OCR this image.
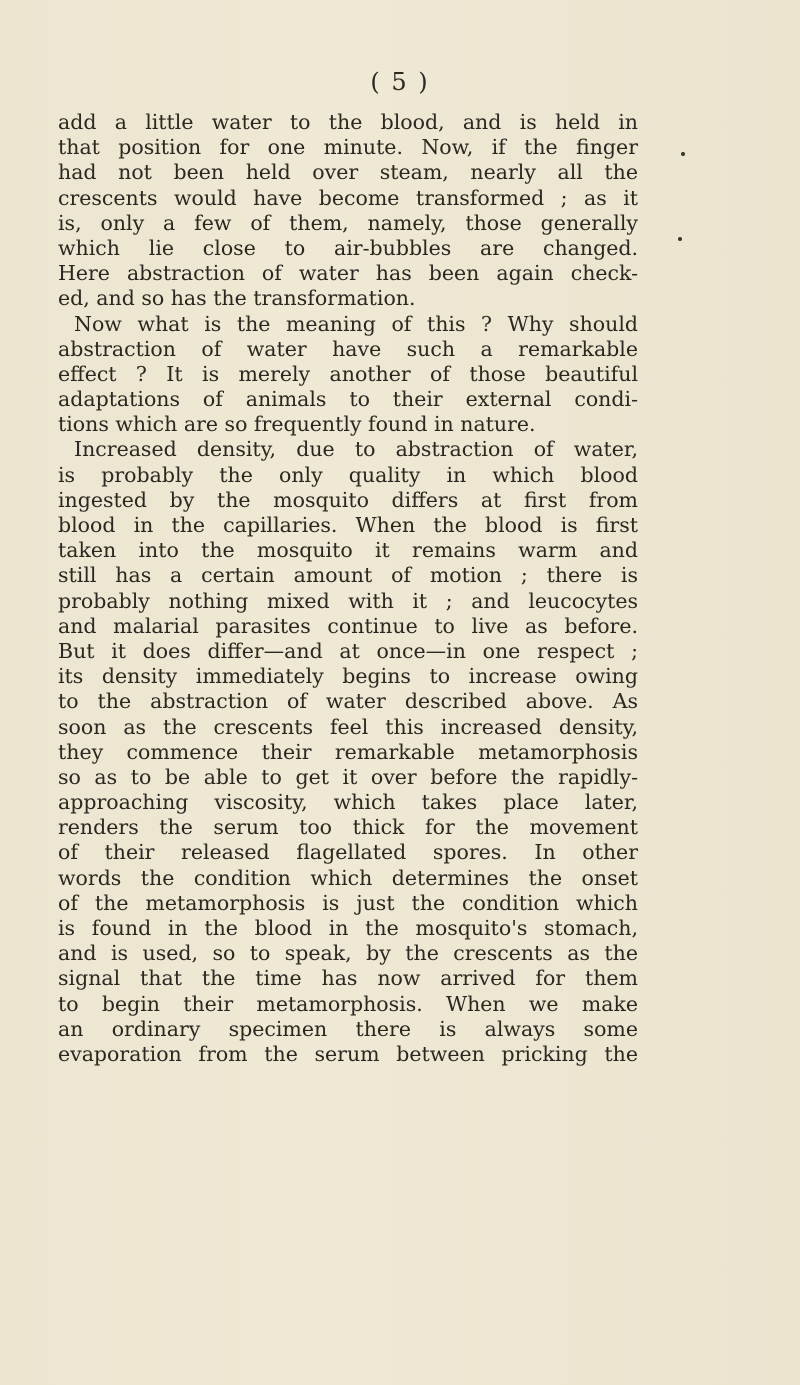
( 5 )
add a little water to the blood, and is held in
that position for one minute. Now, if the finger
had not been held over steam, nearly all the
crescents would have become transformed ; as it
is, only a few of them, namely, those generally
which lie close to air-bubbles are changed.
Here abstraction of water has been again check-
ed, and so has the transformation.
Now what is the meaning of this ? Why should
abstraction of water have such a remarkable
effect ? It is merely another of those beautiful
adaptations of animals to their external condi-
tions which are so frequently found in nature.
Increased density, due to abstraction of water,
is probably the only quality in which blood
ingested by the mosquito differs at first from
blood in the capillaries. When the blood is first
taken into the mosquito it remains warm and
still has a certain amount of motion ; there is
probably nothing mixed with it ; and leucocytes
and malarial parasites continue to live as before.
But it does differ—and at once—in one respect ;
its density immediately begins to increase owing
to the abstraction of water described above. As
soon as the crescents feel this increased density,
they commence their remarkable metamorphosis
so as to be able to get it over before the rapidly-
approaching viscosity, which takes place later,
renders the serum too thick for the movement
of their released flagellated spores. In other
words the condition which determines the onset
of the metamorphosis is just the condition which
is found in the blood in the mosquito's stomach,
and is used, so to speak, by the crescents as the
signal that the time has now arrived for them
to begin their metamorphosis. When we make
an ordinary specimen there is always some
evaporation from the serum between pricking the
